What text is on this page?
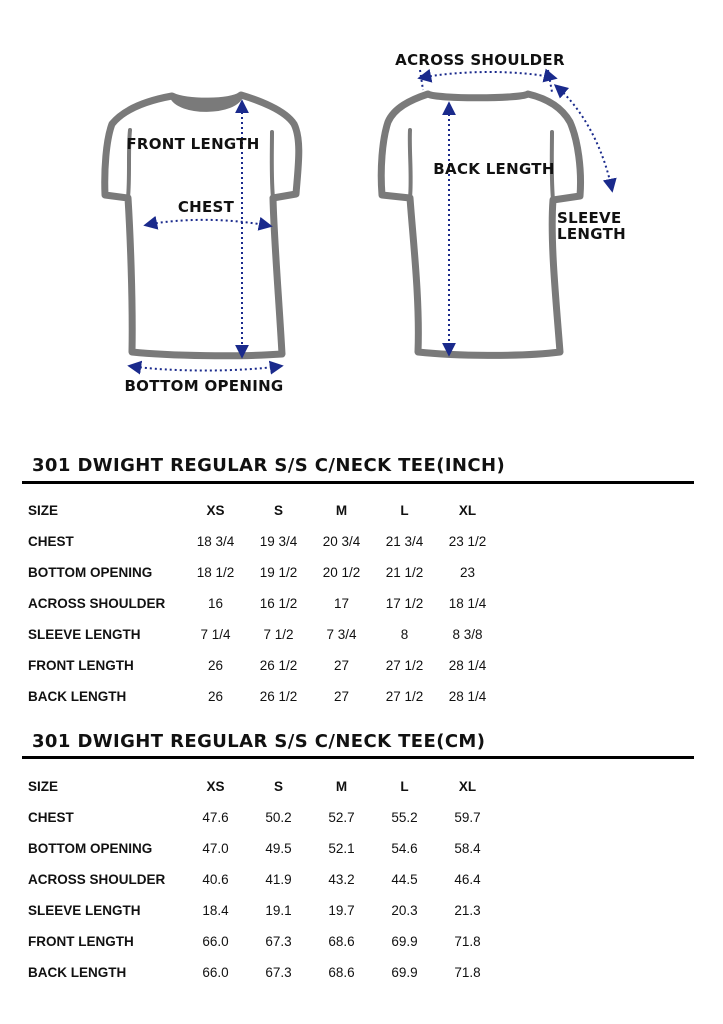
FRONT LENGTH
CHEST
BOTTOM OPENING
ACROSS SHOULDER
BACK LENGTH
SLEEVE
LENGTH
301 DWIGHT REGULAR S/S C/NECK TEE(INCH)
SIZE	XS	S	M	L	XL
CHEST	18 3/4	19 3/4	20 3/4	21 3/4	23 1/2
BOTTOM OPENING	18 1/2	19 1/2	20 1/2	21 1/2	23
ACROSS SHOULDER	16	16 1/2	17	17 1/2	18 1/4
SLEEVE LENGTH	7 1/4	7 1/2	7 3/4	8	8 3/8
FRONT LENGTH	26	26 1/2	27	27 1/2	28 1/4
BACK LENGTH	26	26 1/2	27	27 1/2	28 1/4
301 DWIGHT REGULAR S/S C/NECK TEE(CM)
SIZE	XS	S	M	L	XL
CHEST	47.6	50.2	52.7	55.2	59.7
BOTTOM OPENING	47.0	49.5	52.1	54.6	58.4
ACROSS SHOULDER	40.6	41.9	43.2	44.5	46.4
SLEEVE LENGTH	18.4	19.1	19.7	20.3	21.3
FRONT LENGTH	66.0	67.3	68.6	69.9	71.8
BACK LENGTH	66.0	67.3	68.6	69.9	71.8
